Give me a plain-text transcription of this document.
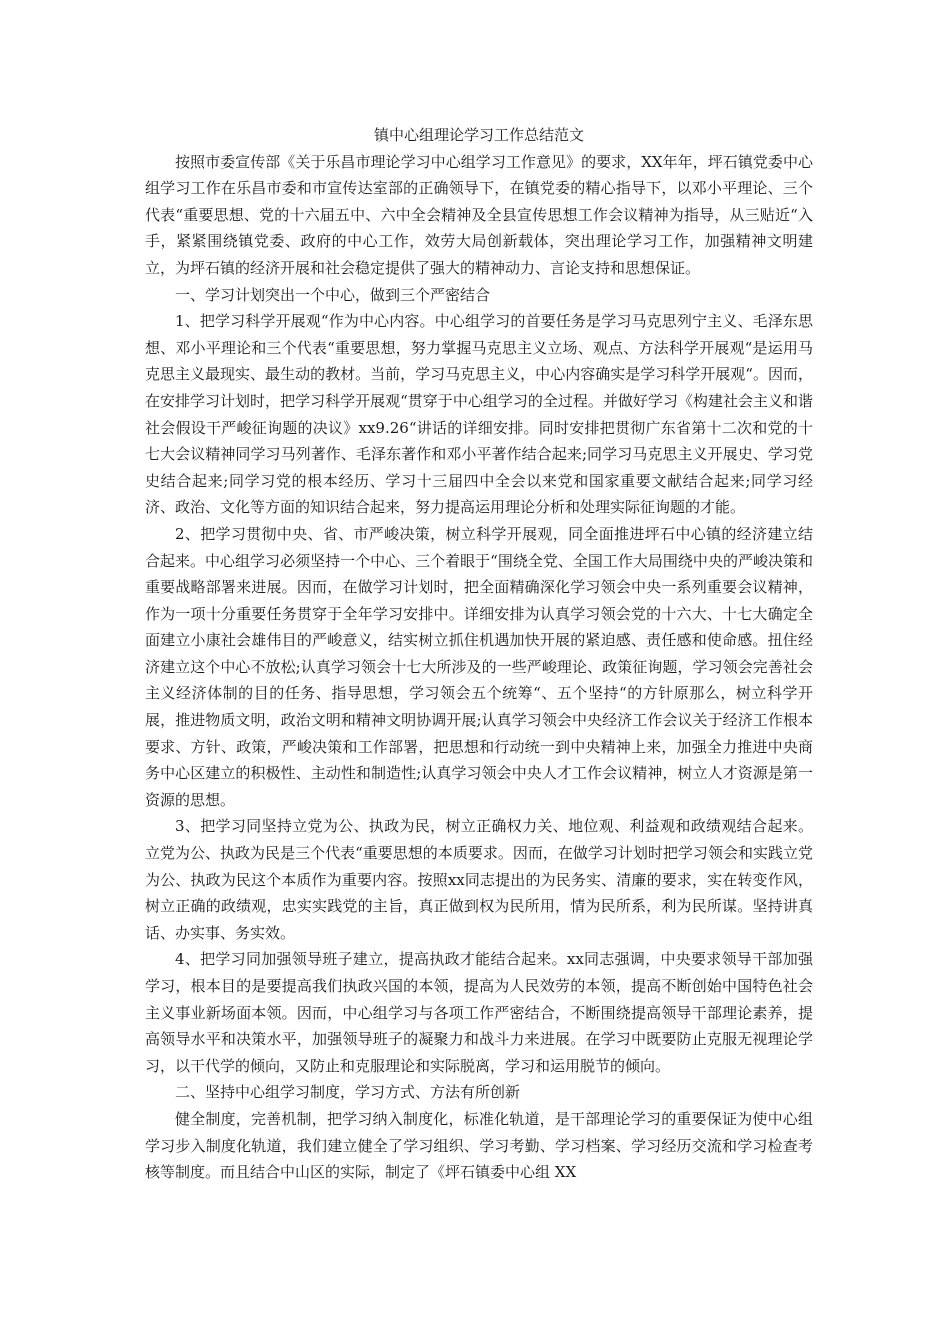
镇中心组理论学习工作总结范文

按照市委宣传部《关于乐昌市理论学习中心组学习工作意见》的要求，XX年年，坪石镇党委中心组学习工作在乐昌市委和市宣传达室部的正确领导下，在镇党委的精心指导下，以邓小平理论、三个代表“重要思想、党的十六届五中、六中全会精神及全县宣传思想工作会议精神为指导，从三贴近“入手，紧紧围绕镇党委、政府的中心工作，效劳大局创新载体，突出理论学习工作，加强精神文明建立，为坪石镇的经济开展和社会稳定提供了强大的精神动力、言论支持和思想保证。

一、学习计划突出一个中心，做到三个严密结合

1、把学习科学开展观“作为中心内容。中心组学习的首要任务是学习马克思列宁主义、毛泽东思想、邓小平理论和三个代表“重要思想，努力掌握马克思主义立场、观点、方法科学开展观“是运用马克思主义最现实、最生动的教材。当前，学习马克思主义，中心内容确实是学习科学开展观“。因而，在安排学习计划时，把学习科学开展观“贯穿于中心组学习的全过程。并做好学习《构建社会主义和谐社会假设干严峻征询题的决议》xx9.26“讲话的详细安排。同时安排把贯彻广东省第十二次和党的十七大会议精神同学习马列著作、毛泽东著作和邓小平著作结合起来;同学习马克思主义开展史、学习党史结合起来;同学习党的根本经历、学习十三届四中全会以来党和国家重要文献结合起来;同学习经济、政治、文化等方面的知识结合起来，努力提高运用理论分析和处理实际征询题的才能。

2、把学习贯彻中央、省、市严峻决策，树立科学开展观，同全面推进坪石中心镇的经济建立结合起来。中心组学习必须坚持一个中心、三个着眼于“围绕全党、全国工作大局围绕中央的严峻决策和重要战略部署来进展。因而，在做学习计划时，把全面精确深化学习领会中央一系列重要会议精神，作为一项十分重要任务贯穿于全年学习安排中。详细安排为认真学习领会党的十六大、十七大确定全面建立小康社会雄伟目的严峻意义，结实树立抓住机遇加快开展的紧迫感、责任感和使命感。扭住经济建立这个中心不放松;认真学习领会十七大所涉及的一些严峻理论、政策征询题，学习领会完善社会主义经济体制的目的任务、指导思想，学习领会五个统筹“、五个坚持“的方针原那么，树立科学开展，推进物质文明，政治文明和精神文明协调开展;认真学习领会中央经济工作会议关于经济工作根本要求、方针、政策，严峻决策和工作部署，把思想和行动统一到中央精神上来，加强全力推进中央商务中心区建立的积极性、主动性和制造性;认真学习领会中央人才工作会议精神，树立人才资源是第一资源的思想。

3、把学习同坚持立党为公、执政为民，树立正确权力关、地位观、利益观和政绩观结合起来。立党为公、执政为民是三个代表“重要思想的本质要求。因而，在做学习计划时把学习领会和实践立党为公、执政为民这个本质作为重要内容。按照xx同志提出的为民务实、清廉的要求，实在转变作风，树立正确的政绩观，忠实实践党的主旨，真正做到权为民所用，情为民所系，利为民所谋。坚持讲真话、办实事、务实效。

4、把学习同加强领导班子建立，提高执政才能结合起来。xx同志强调，中央要求领导干部加强学习，根本目的是要提高我们执政兴国的本领，提高为人民效劳的本领，提高不断创始中国特色社会主义事业新场面本领。因而，中心组学习与各项工作严密结合，不断围绕提高领导干部理论素养，提高领导水平和决策水平，加强领导班子的凝聚力和战斗力来进展。在学习中既要防止克服无视理论学习，以干代学的倾向，又防止和克服理论和实际脱离，学习和运用脱节的倾向。

二、坚持中心组学习制度，学习方式、方法有所创新

健全制度，完善机制，把学习纳入制度化，标准化轨道，是干部理论学习的重要保证为使中心组学习步入制度化轨道，我们建立健全了学习组织、学习考勤、学习档案、学习经历交流和学习检查考核等制度。而且结合中山区的实际，制定了《坪石镇委中心组 XX
